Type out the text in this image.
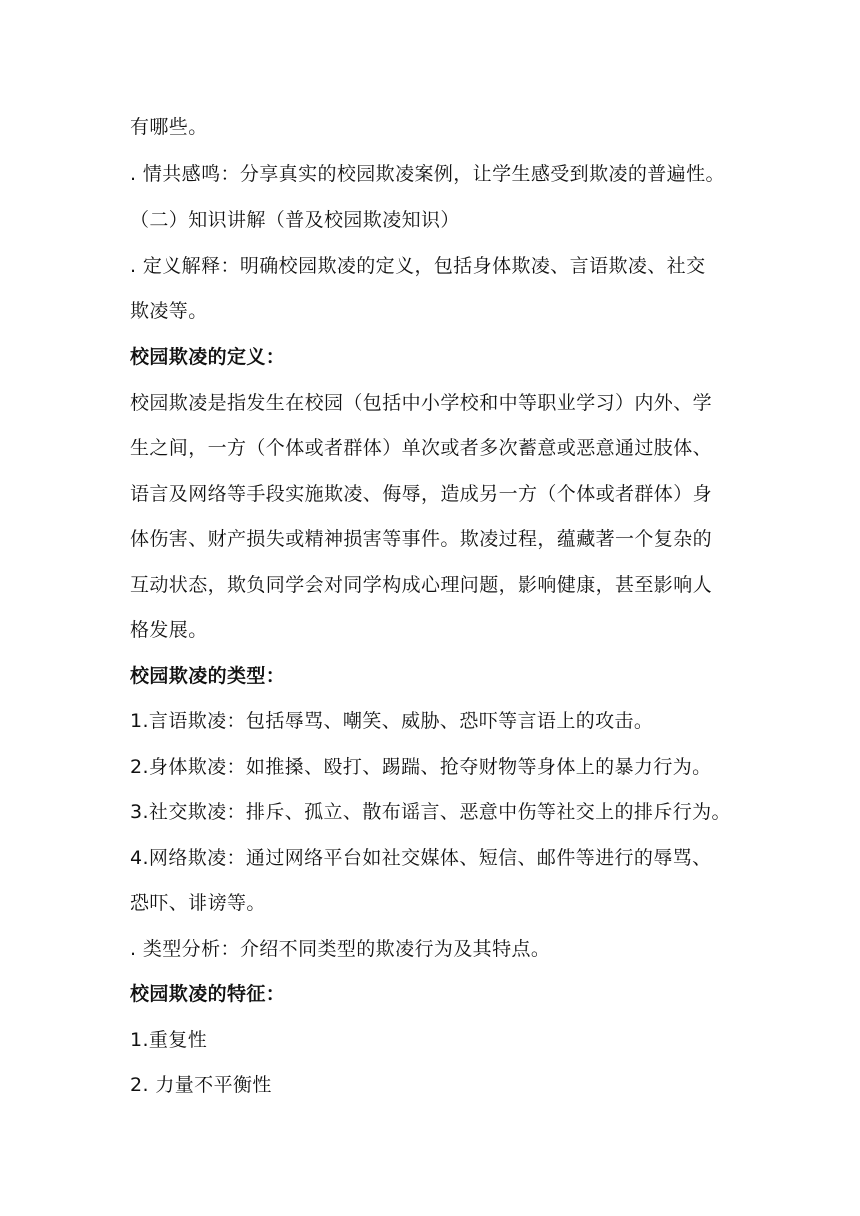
有哪些。
. 情共感鸣：分享真实的校园欺凌案例，让学生感受到欺凌的普遍性。
（二）知识讲解（普及校园欺凌知识）
. 定义解释：明确校园欺凌的定义，包括身体欺凌、言语欺凌、社交
欺凌等。
校园欺凌的定义：
校园欺凌是指发生在校园（包括中小学校和中等职业学习）内外、学
生之间，一方（个体或者群体）单次或者多次蓄意或恶意通过肢体、
语言及网络等手段实施欺凌、侮辱，造成另一方（个体或者群体）身
体伤害、财产损失或精神损害等事件。欺凌过程，蕴藏著一个复杂的
互动状态，欺负同学会对同学构成心理问题，影响健康，甚至影响人
格发展。
校园欺凌的类型：
1.言语欺凌：包括辱骂、嘲笑、威胁、恐吓等言语上的攻击。
2.身体欺凌：如推搡、殴打、踢踹、抢夺财物等身体上的暴力行为。
3.社交欺凌：排斥、孤立、散布谣言、恶意中伤等社交上的排斥行为。
4.网络欺凌：通过网络平台如社交媒体、短信、邮件等进行的辱骂、
恐吓、诽谤等。
. 类型分析：介绍不同类型的欺凌行为及其特点。
校园欺凌的特征：
1.重复性
2. 力量不平衡性
